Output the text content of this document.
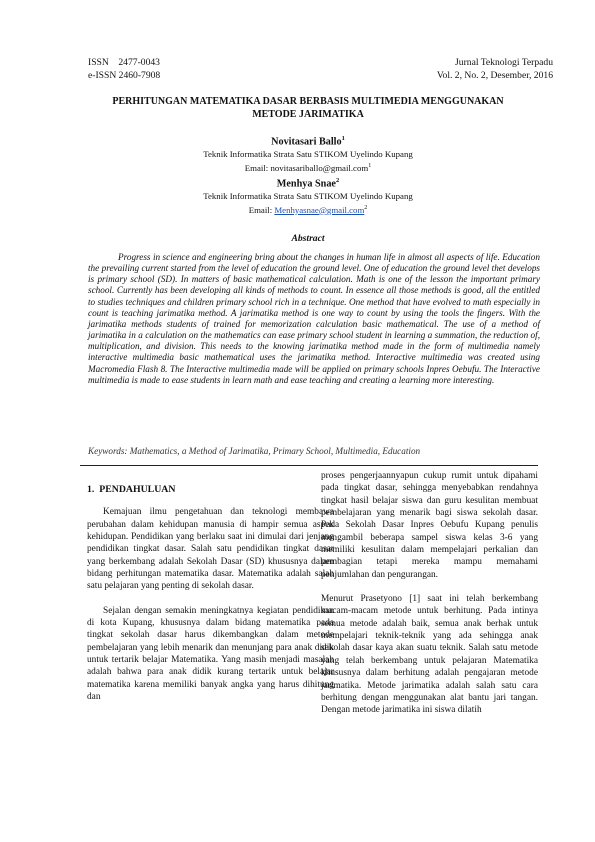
ISSN    2477-0043
e-ISSN 2460-7908
Jurnal Teknologi Terpadu
Vol. 2, No. 2, Desember, 2016
PERHITUNGAN MATEMATIKA DASAR BERBASIS MULTIMEDIA MENGGUNAKAN
METODE JARIMATIKA
Novitasari Ballo$^1$
Teknik Informatika Strata Satu STIKOM Uyelindo Kupang
Email: novitasariballo@gmail.com$^1$
Menhya Snae$^2$
Teknik Informatika Strata Satu STIKOM Uyelindo Kupang
Email: Menhyasnae@gmail.com$^2$
Abstract
Progress in science and engineering bring about the changes in human life in almost all aspects of life. Education the prevailing current started from the level of education the ground level. One of education the ground level thet develops is primary school (SD). In matters of basic mathematical calculation. Math is one of the lesson the important primary school. Currently has been developing all kinds of methods to count. In essence all those methods is good, all the entitled to studies techniques and children primary school rich in a technique. One method that have evolved to math especially in count is teaching jarimatika method. A jarimatika method is one way to count by using the tools the fingers. With the jarimatika methods students of trained for memorization calculation basic mathematical. The use of a method of jarimatika in a calculation on the mathematics can ease primary school student in learning a summation, the reduction of, multiplication, and division. This needs to the knowing jarimatika method made in the form of multimedia namely interactive multimedia basic mathematical uses the jarimatika method. Interactive multimedia was created using Macromedia Flash 8. The Interactive multimedia made will be applied on primary schools Inpres Oebufu. The Interactive multimedia is made to ease students in learn math and ease teaching and creating a learning more interesting.
Keywords: Mathematics, a Method of Jarimatika, Primary School, Multimedia, Education
1.  PENDAHULUAN

Kemajuan ilmu pengetahuan dan teknologi membawa perubahan dalam kehidupan manusia di hampir semua aspek kehidupan. Pendidikan yang berlaku saat ini dimulai dari jenjang pendidikan tingkat dasar. Salah satu pendidikan tingkat dasar yang berkembang adalah Sekolah Dasar (SD) khususnya dalam bidang perhitungan matematika dasar. Matematika adalah salah satu pelajaran yang penting di sekolah dasar.

Sejalan dengan semakin meningkatnya kegiatan pendidikan di kota Kupang, khususnya dalam bidang matematika pada tingkat sekolah dasar harus dikembangkan dalam metode pembelajaran yang lebih menarik dan menunjang para anak didik untuk tertarik belajar Matematika. Yang masih menjadi masalah adalah bahwa para anak didik kurang tertarik untuk belajar matematika karena memiliki banyak angka yang harus dihitung dan

proses pengerjaannyapun cukup rumit untuk dipahami pada tingkat dasar, sehingga menyebabkan rendahnya tingkat hasil belajar siswa dan guru kesulitan membuat pembelajaran yang menarik bagi siswa sekolah dasar. Pada Sekolah Dasar Inpres Oebufu Kupang penulis mengambil beberapa sampel siswa kelas 3-6 yang memiliki kesulitan dalam mempelajari perkalian dan pembagian tetapi mereka mampu memahami penjumlahan dan pengurangan.

Menurut Prasetyono [1] saat ini telah berkembang macam-macam metode untuk berhitung. Pada intinya semua metode adalah baik, semua anak berhak untuk mempelajari teknik-teknik yang ada sehingga anak sekolah dasar kaya akan suatu teknik. Salah satu metode yang telah berkembang untuk pelajaran Matematika khususnya dalam berhitung adalah pengajaran metode jarimatika. Metode jarimatika adalah salah satu cara berhitung dengan menggunakan alat bantu jari tangan. Dengan metode jarimatika ini siswa dilatih
